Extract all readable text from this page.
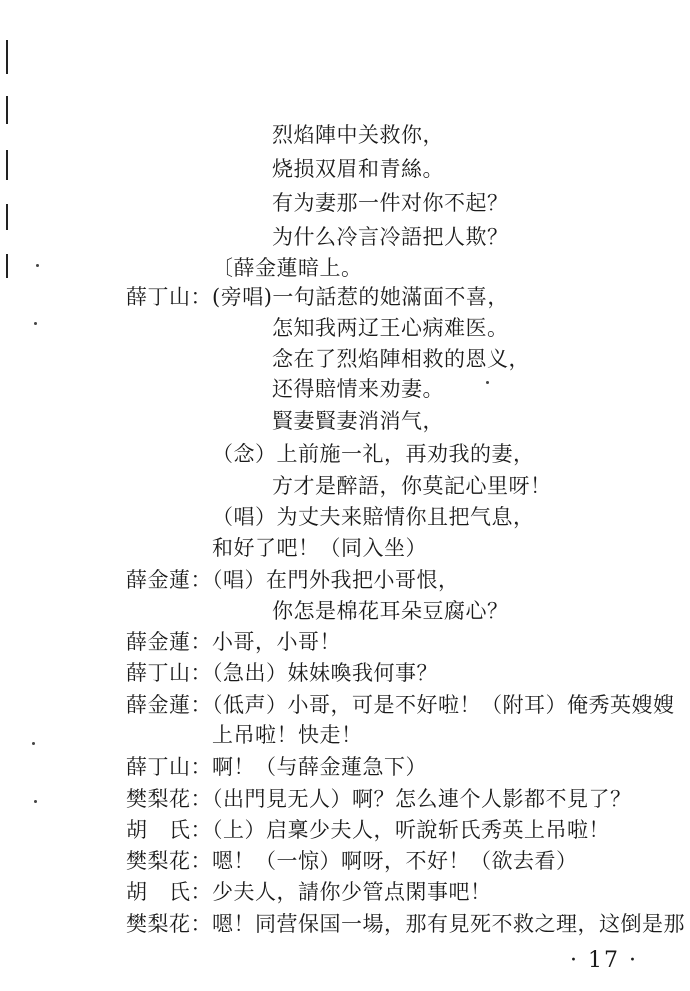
烈焰陣中关救你，
烧损双眉和青絲。
有为妻那一件对你不起？
为什么冷言冷語把人欺？
〔薛金蓮暗上。
薛丁山：(旁唱)一句話惹的她滿面不喜，
怎知我两辽王心病难医。
念在了烈焰陣相救的恩义，
还得賠情来劝妻。
賢妻賢妻消消气，
（念）上前施一礼，再劝我的妻，
方才是醉語，你莫記心里呀！
（唱）为丈夫来賠情你且把气息，
和好了吧！（同入坐）
薛金蓮：（唱）在門外我把小哥恨，
你怎是棉花耳朵豆腐心？
薛金蓮：小哥，小哥！
薛丁山：（急出）妹妹喚我何事？
薛金蓮：（低声）小哥，可是不好啦！（附耳）俺秀英嫂嫂
上吊啦！快走！
薛丁山：啊！（与薛金蓮急下）
樊梨花：（出門見无人）啊？怎么連个人影都不見了？
胡　氏：（上）启稟少夫人，听說斩氏秀英上吊啦！
樊梨花：嗯！（一惊）啊呀，不好！（欲去看）
胡　氏：少夫人，請你少管点閑事吧！
樊梨花：嗯！同营保国一場，那有見死不救之理，这倒是那
· 17 ·
